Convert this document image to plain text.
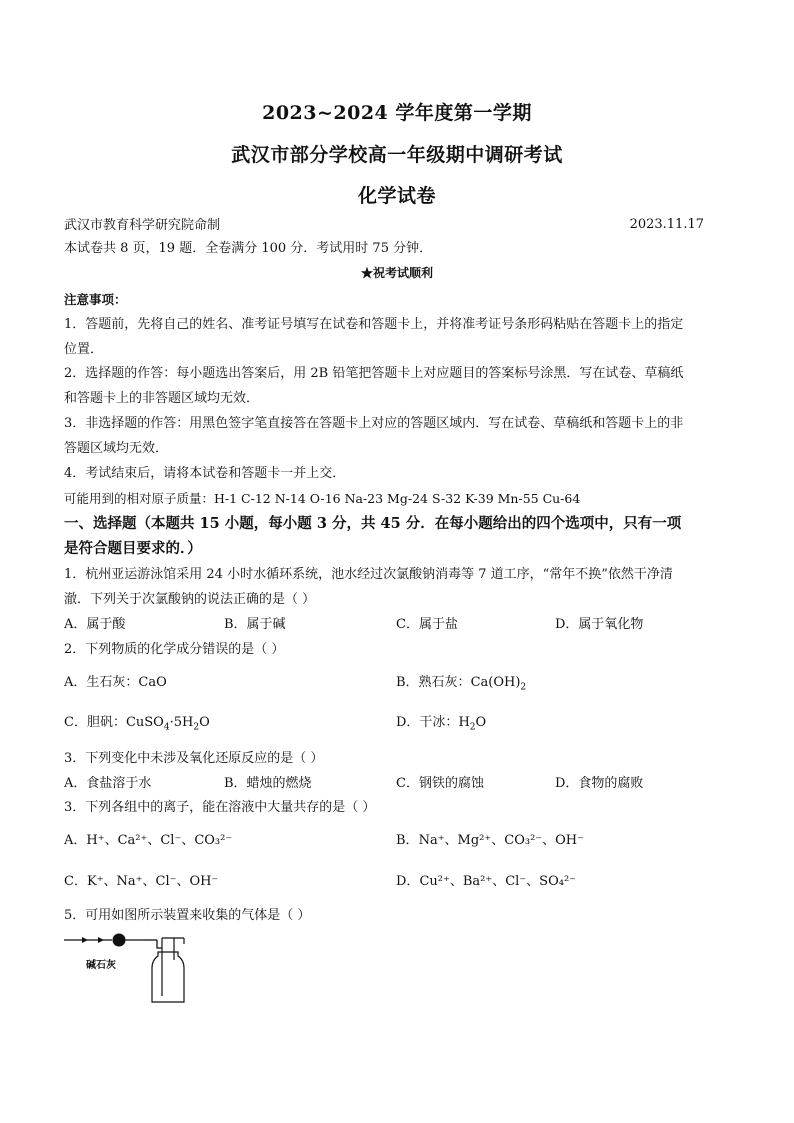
2023~2024 学年度第一学期
武汉市部分学校高一年级期中调研考试
化学试卷
武汉市教育科学研究院命制	2023.11.17
本试卷共 8 页，19 题．全卷满分 100 分．考试用时 75 分钟．
★祝考试顺利
注意事项：
1．答题前，先将自己的姓名、准考证号填写在试卷和答题卡上，并将准考证号条形码粘贴在答题卡上的指定
位置．
2．选择题的作答：每小题选出答案后，用 2B 铅笔把答题卡上对应题目的答案标号涂黑．写在试卷、草稿纸
和答题卡上的非答题区域均无效．
3．非选择题的作答：用黑色签字笔直接答在答题卡上对应的答题区域内．写在试卷、草稿纸和答题卡上的非
答题区域均无效．
4．考试结束后，请将本试卷和答题卡一并上交．
可能用到的相对原子质量：H-1 C-12 N-14 O-16 Na-23 Mg-24 S-32 K-39 Mn-55 Cu-64
一、选择题（本题共 15 小题，每小题 3 分，共 45 分．在每小题给出的四个选项中，只有一项
是符合题目要求的．）
1．杭州亚运游泳馆采用 24 小时水循环系统，池水经过次氯酸钠消毒等 7 道工序，“常年不换”依然干净清
澈．下列关于次氯酸钠的说法正确的是（ ）
A．属于酸	B．属于碱	C．属于盐	D．属于氧化物
2．下列物质的化学成分错误的是（ ）
A．生石灰：CaO	B．熟石灰：$Ca(OH)_2$
C．胆矾：$CuSO_4\cdot 5H_2O$	D．干冰：$H_2O$
3．下列变化中未涉及氧化还原反应的是（ ）
A．食盐溶于水	B．蜡烛的燃烧	C．钢铁的腐蚀	D．食物的腐败
3．下列各组中的离子，能在溶液中大量共存的是（ ）
A．H⁺、Ca²⁺、Cl⁻、CO₃²⁻	B．Na⁺、Mg²⁺、CO₃²⁻、OH⁻
C．K⁺、Na⁺、Cl⁻、OH⁻	D．Cu²⁺、Ba²⁺、Cl⁻、SO₄²⁻
5．可用如图所示装置来收集的气体是（ ）
碱石灰
